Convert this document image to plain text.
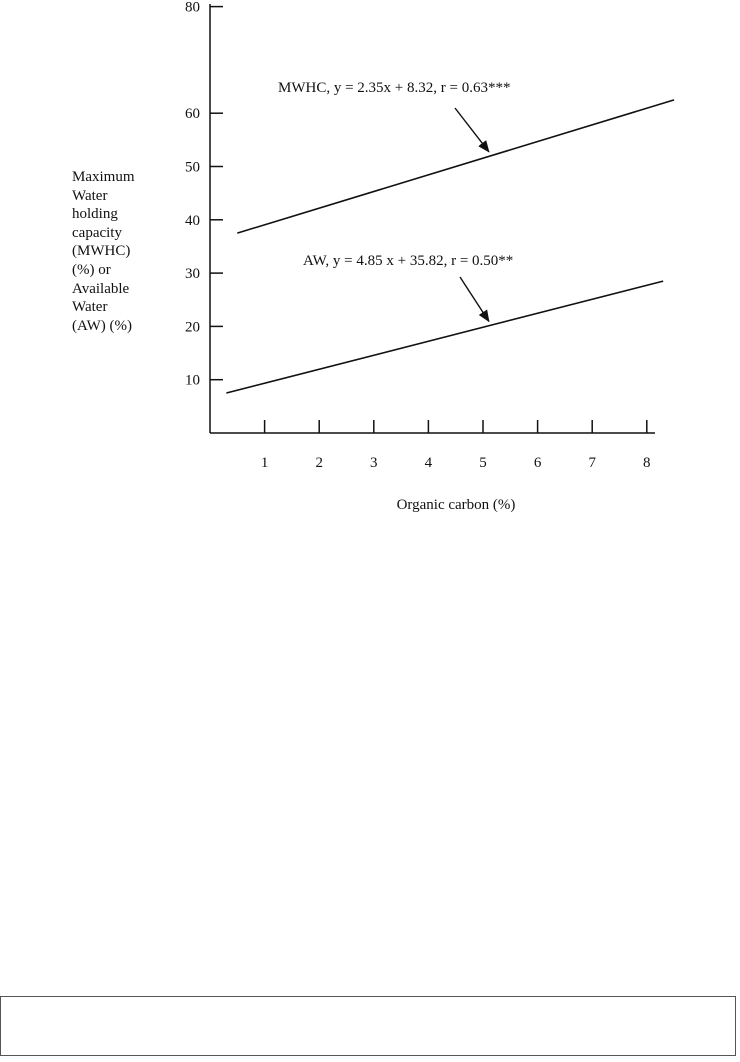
10
20
30
40
50
60
80
1	2	3	4	5	6	7	8
MWHC, y = 2.35x + 8.32, r = 0.63***
AW, y = 4.85 x + 35.82, r = 0.50**
Organic carbon (%)
Maximum
Water
holding
capacity
(MWHC)
(%) or
Available
Water
(AW) (%)
